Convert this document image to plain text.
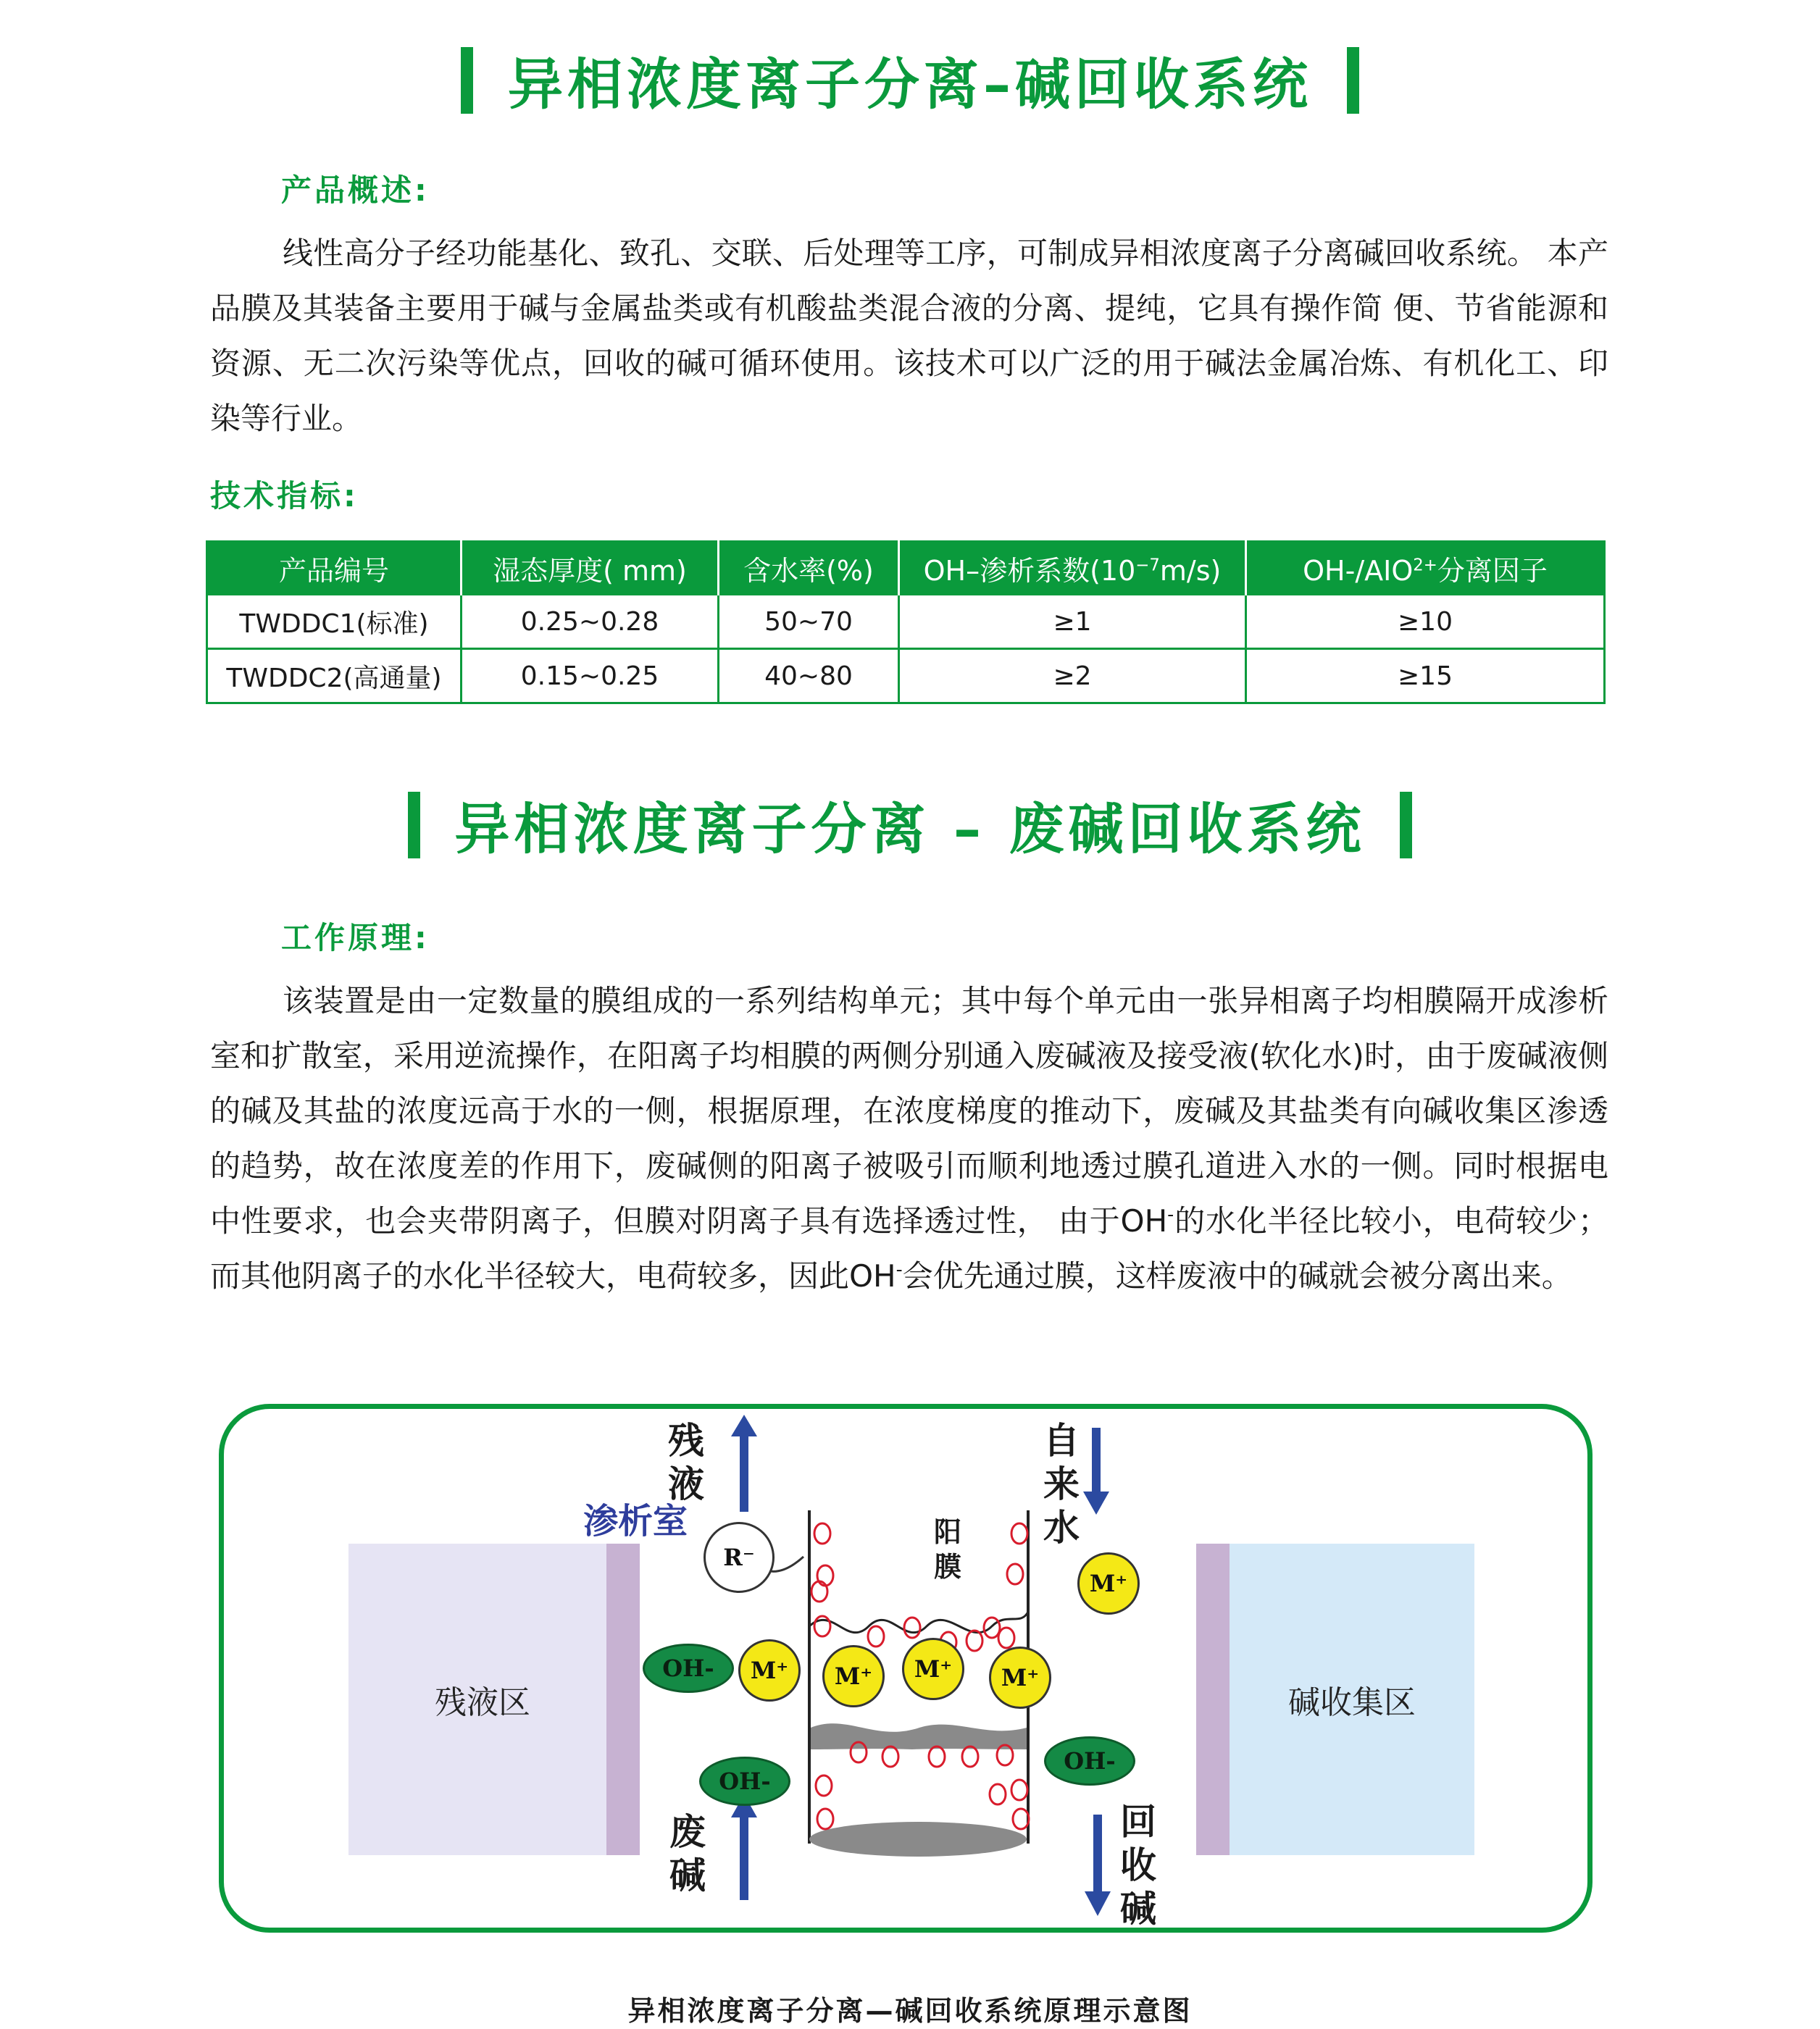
异相浓度离子分离–碱回收系统
产品概述:

线性高分子经功能基化、致孔、交联、后处理等工序，可制成异相浓度离子分离碱回收系统。 本产品膜及其装备主要用于碱与金属盐类或有机酸盐类混合液的分离、提纯，它具有操作简 便、节省能源和资源、无二次污染等优点，回收的碱可循环使用。该技术可以广泛的用于碱法金属冶炼、有机化工、印染等行业。

技术指标:
产品编号	湿态厚度( mm)	含水率(%)	OH–渗析系数$(10^{-7}m/s)$	$OH-/AIO^{2+}$分离因子
TWDDC1(标准)	0.25~0.28	50~70	≥1	≥10
TWDDC2(高通量)	0.15~0.25	40~80	≥2	≥15
异相浓度离子分离 – 废碱回收系统
工作原理:

该装置是由一定数量的膜组成的一系列结构单元；其中每个单元由一张异相离子均相膜隔开成渗析室和扩散室，采用逆流操作，在阳离子均相膜的两侧分别通入废碱液及接受液(软化水)时，由于废碱液侧的碱及其盐的浓度远高于水的一侧，根据原理，在浓度梯度的推动下，废碱及其盐类有向碱收集区渗透的趋势，故在浓度差的作用下，废碱侧的阳离子被吸引而顺利地透过膜孔道进入水的一侧。同时根据电中性要求，也会夹带阴离子，但膜对阴离子具有选择透过性， 由于OH-的水化半径比较小，电荷较少；而其他阴离子的水化半径较大，电荷较多，因此OH-会优先通过膜，这样废液中的碱就会被分离出来。

残液区	碱收集区
残液
自来水
废碱
回收碱
渗析室	阳膜
R⁻
M⁺
M⁺	M⁺	M⁺	M⁺
OH-
OH-
OH-
异相浓度离子分离—碱回收系统原理示意图
